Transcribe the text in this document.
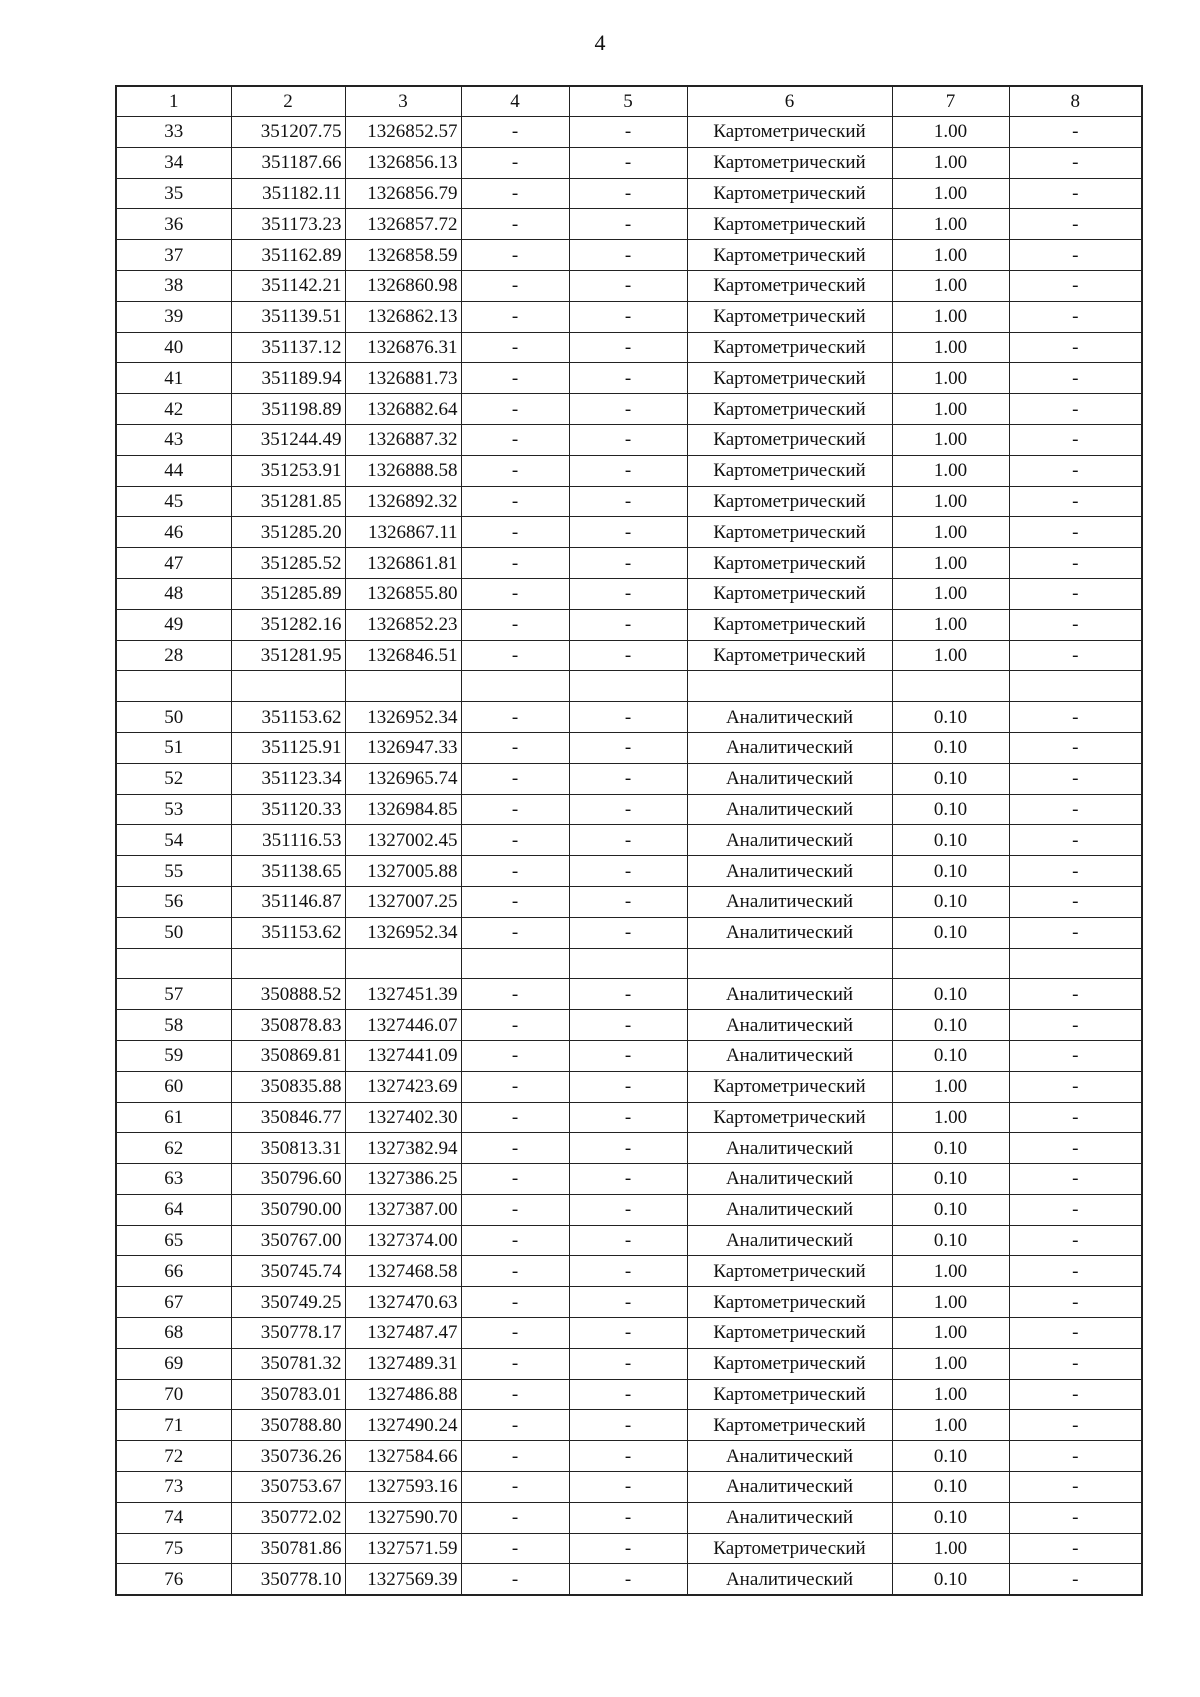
4
1	2	3	4	5	6	7	8
33	351207.75	1326852.57	-	-	Картометрический	1.00	-
34	351187.66	1326856.13	-	-	Картометрический	1.00	-
35	351182.11	1326856.79	-	-	Картометрический	1.00	-
36	351173.23	1326857.72	-	-	Картометрический	1.00	-
37	351162.89	1326858.59	-	-	Картометрический	1.00	-
38	351142.21	1326860.98	-	-	Картометрический	1.00	-
39	351139.51	1326862.13	-	-	Картометрический	1.00	-
40	351137.12	1326876.31	-	-	Картометрический	1.00	-
41	351189.94	1326881.73	-	-	Картометрический	1.00	-
42	351198.89	1326882.64	-	-	Картометрический	1.00	-
43	351244.49	1326887.32	-	-	Картометрический	1.00	-
44	351253.91	1326888.58	-	-	Картометрический	1.00	-
45	351281.85	1326892.32	-	-	Картометрический	1.00	-
46	351285.20	1326867.11	-	-	Картометрический	1.00	-
47	351285.52	1326861.81	-	-	Картометрический	1.00	-
48	351285.89	1326855.80	-	-	Картометрический	1.00	-
49	351282.16	1326852.23	-	-	Картометрический	1.00	-
28	351281.95	1326846.51	-	-	Картометрический	1.00	-

50	351153.62	1326952.34	-	-	Аналитический	0.10	-
51	351125.91	1326947.33	-	-	Аналитический	0.10	-
52	351123.34	1326965.74	-	-	Аналитический	0.10	-
53	351120.33	1326984.85	-	-	Аналитический	0.10	-
54	351116.53	1327002.45	-	-	Аналитический	0.10	-
55	351138.65	1327005.88	-	-	Аналитический	0.10	-
56	351146.87	1327007.25	-	-	Аналитический	0.10	-
50	351153.62	1326952.34	-	-	Аналитический	0.10	-

57	350888.52	1327451.39	-	-	Аналитический	0.10	-
58	350878.83	1327446.07	-	-	Аналитический	0.10	-
59	350869.81	1327441.09	-	-	Аналитический	0.10	-
60	350835.88	1327423.69	-	-	Картометрический	1.00	-
61	350846.77	1327402.30	-	-	Картометрический	1.00	-
62	350813.31	1327382.94	-	-	Аналитический	0.10	-
63	350796.60	1327386.25	-	-	Аналитический	0.10	-
64	350790.00	1327387.00	-	-	Аналитический	0.10	-
65	350767.00	1327374.00	-	-	Аналитический	0.10	-
66	350745.74	1327468.58	-	-	Картометрический	1.00	-
67	350749.25	1327470.63	-	-	Картометрический	1.00	-
68	350778.17	1327487.47	-	-	Картометрический	1.00	-
69	350781.32	1327489.31	-	-	Картометрический	1.00	-
70	350783.01	1327486.88	-	-	Картометрический	1.00	-
71	350788.80	1327490.24	-	-	Картометрический	1.00	-
72	350736.26	1327584.66	-	-	Аналитический	0.10	-
73	350753.67	1327593.16	-	-	Аналитический	0.10	-
74	350772.02	1327590.70	-	-	Аналитический	0.10	-
75	350781.86	1327571.59	-	-	Картометрический	1.00	-
76	350778.10	1327569.39	-	-	Аналитический	0.10	-
